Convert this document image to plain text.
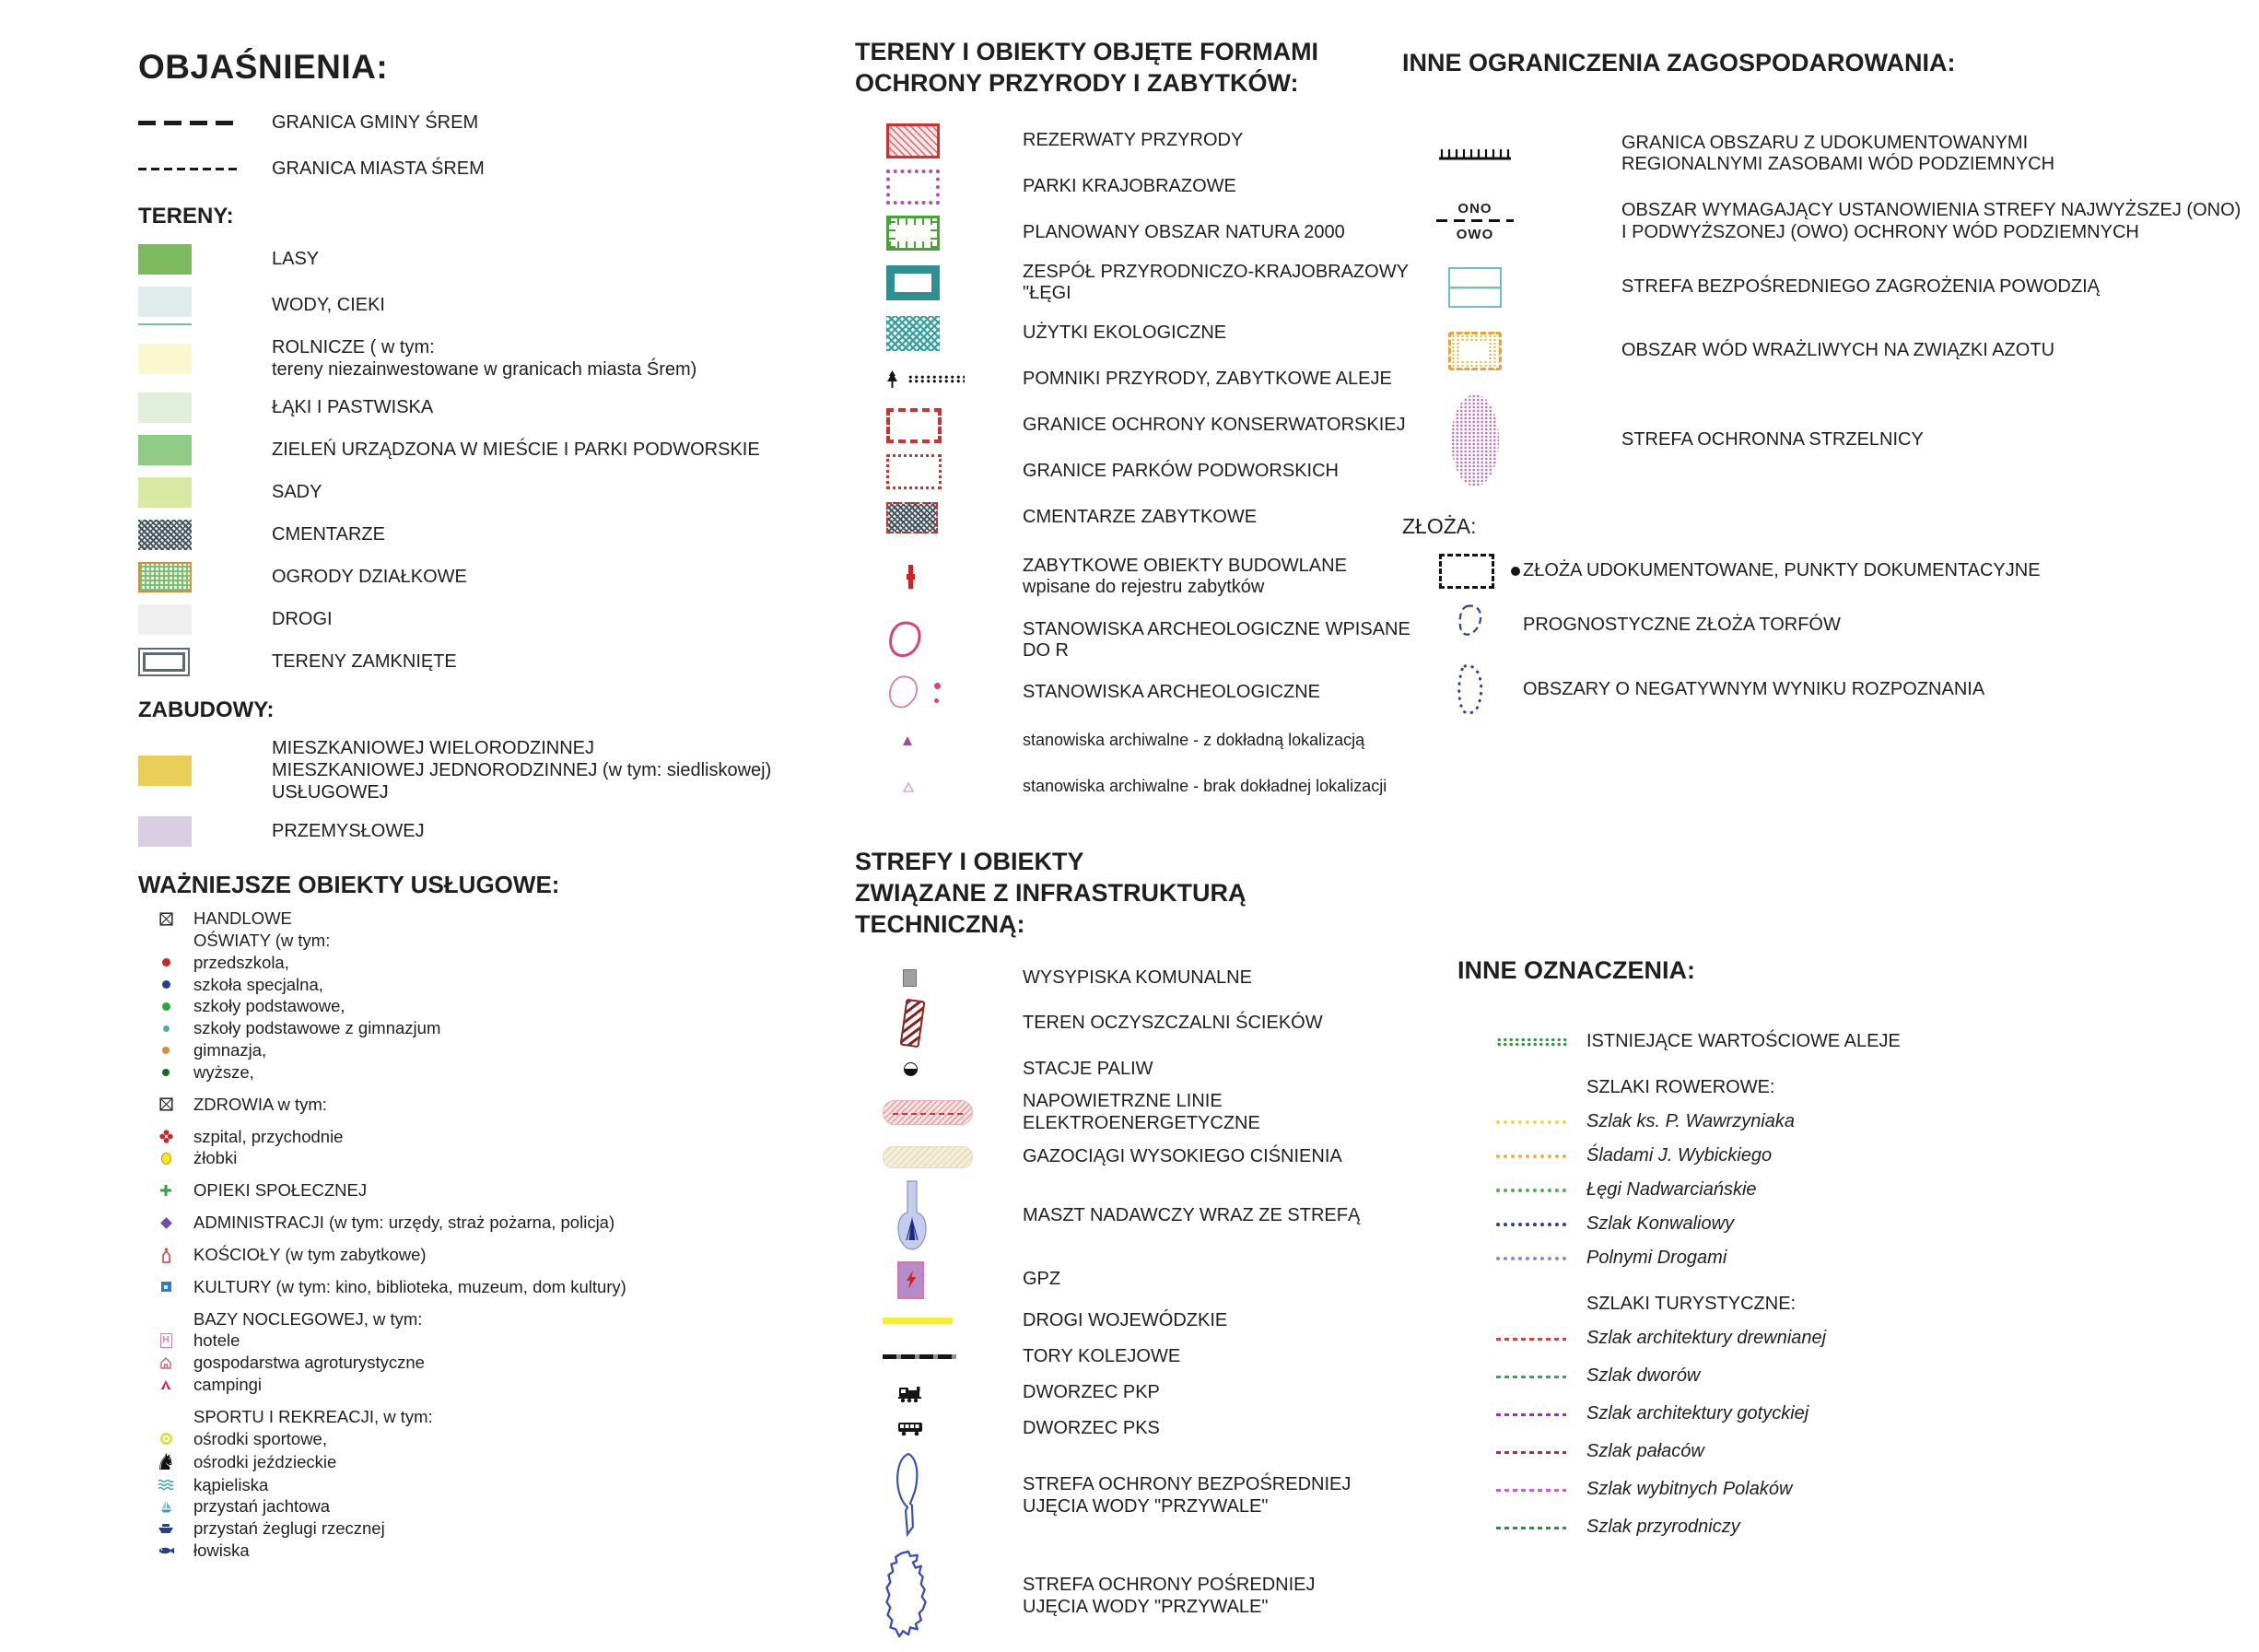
OBJAŚNIENIA:
GRANICA GMINY ŚREM
GRANICA MIASTA ŚREM
TERENY:
LASY
WODY, CIEKI
ROLNICZE ( w tym:
tereny niezainwestowane w granicach miasta Śrem)
ŁĄKI I PASTWISKA
ZIELEŃ URZĄDZONA W MIEŚCIE I PARKI PODWORSKIE
SADY
CMENTARZE
OGRODY DZIAŁKOWE
DROGI
TERENY ZAMKNIĘTE
ZABUDOWY:
MIESZKANIOWEJ WIELORODZINNEJ
MIESZKANIOWEJ JEDNORODZINNEJ (w tym: siedliskowej)
USŁUGOWEJ
PRZEMYSŁOWEJ
WAŻNIEJSZE OBIEKTY USŁUGOWE:
HANDLOWE
OŚWIATY (w tym:
przedszkola,
szkoła specjalna,
szkoły podstawowe,
szkoły podstawowe z gimnazjum
gimnazja,
wyższe,
ZDROWIA w tym:
szpital, przychodnie
żłobki
OPIEKI SPOŁECZNEJ
ADMINISTRACJI (w tym: urzędy, straż pożarna, policja)
KOŚCIOŁY (w tym zabytkowe)
KULTURY (w tym: kino, biblioteka, muzeum, dom kultury)
BAZY NOCLEGOWEJ, w tym:
H hotele
gospodarstwa agroturystyczne
campingi
SPORTU I REKREACJI, w tym:
ośrodki sportowe,
♞ ośrodki jeździeckie
kąpieliska
przystań jachtowa
przystań żeglugi rzecznej
łowiska
TERENY I OBIEKTY OBJĘTE FORMAMI
OCHRONY PRZYRODY I ZABYTKÓW:
REZERWATY PRZYRODY
PARKI KRAJOBRAZOWE
PLANOWANY OBSZAR NATURA 2000
ZESPÓŁ PRZYRODNICZO-KRAJOBRAZOWY "ŁĘGI
UŻYTKI EKOLOGICZNE
POMNIKI PRZYRODY, ZABYTKOWE ALEJE
GRANICE OCHRONY KONSERWATORSKIEJ
GRANICE PARKÓW PODWORSKICH
CMENTARZE ZABYTKOWE
ZABYTKOWE OBIEKTY BUDOWLANE
wpisane do rejestru zabytków
STANOWISKA ARCHEOLOGICZNE WPISANE DO R
STANOWISKA ARCHEOLOGICZNE
stanowiska archiwalne - z dokładną lokalizacją
stanowiska archiwalne - brak dokładnej lokalizacji
STREFY I OBIEKTY
ZWIĄZANE Z INFRASTRUKTURĄ TECHNICZNĄ:
WYSYPISKA KOMUNALNE
TEREN OCZYSZCZALNI ŚCIEKÓW
STACJE PALIW
NAPOWIETRZNE LINIE ELEKTROENERGETYCZNE
GAZOCIĄGI WYSOKIEGO CIŚNIENIA
MASZT NADAWCZY WRAZ ZE STREFĄ
GPZ
DROGI WOJEWÓDZKIE
TORY KOLEJOWE
DWORZEC PKP
DWORZEC PKS
STREFA OCHRONY BEZPOŚREDNIEJ
UJĘCIA WODY "PRZYWALE"
STREFA OCHRONY POŚREDNIEJ
UJĘCIA WODY "PRZYWALE"
INNE OGRANICZENIA ZAGOSPODAROWANIA:
GRANICA OBSZARU Z UDOKUMENTOWANYMI
REGIONALNYMI ZASOBAMI WÓD PODZIEMNYCH
ONO
OWO
OBSZAR WYMAGAJĄCY USTANOWIENIA STREFY NAJWYŻSZEJ (ONO)
I PODWYŻSZONEJ (OWO) OCHRONY WÓD PODZIEMNYCH
STREFA BEZPOŚREDNIEGO ZAGROŻENIA POWODZIĄ
OBSZAR WÓD WRAŻLIWYCH NA ZWIĄZKI AZOTU
STREFA OCHRONNA STRZELNICY
ZŁOŻA:
ZŁOŻA UDOKUMENTOWANE, PUNKTY DOKUMENTACYJNE
PROGNOSTYCZNE ZŁOŻA TORFÓW
OBSZARY O NEGATYWNYM WYNIKU ROZPOZNANIA
INNE OZNACZENIA:
ISTNIEJĄCE WARTOŚCIOWE ALEJE
SZLAKI ROWEROWE:
Szlak ks. P. Wawrzyniaka
Śladami J. Wybickiego
Łęgi Nadwarciańskie
Szlak Konwaliowy
Polnymi Drogami
SZLAKI TURYSTYCZNE:
Szlak architektury drewnianej
Szlak dworów
Szlak architektury gotyckiej
Szlak pałaców
Szlak wybitnych Polaków
Szlak przyrodniczy
